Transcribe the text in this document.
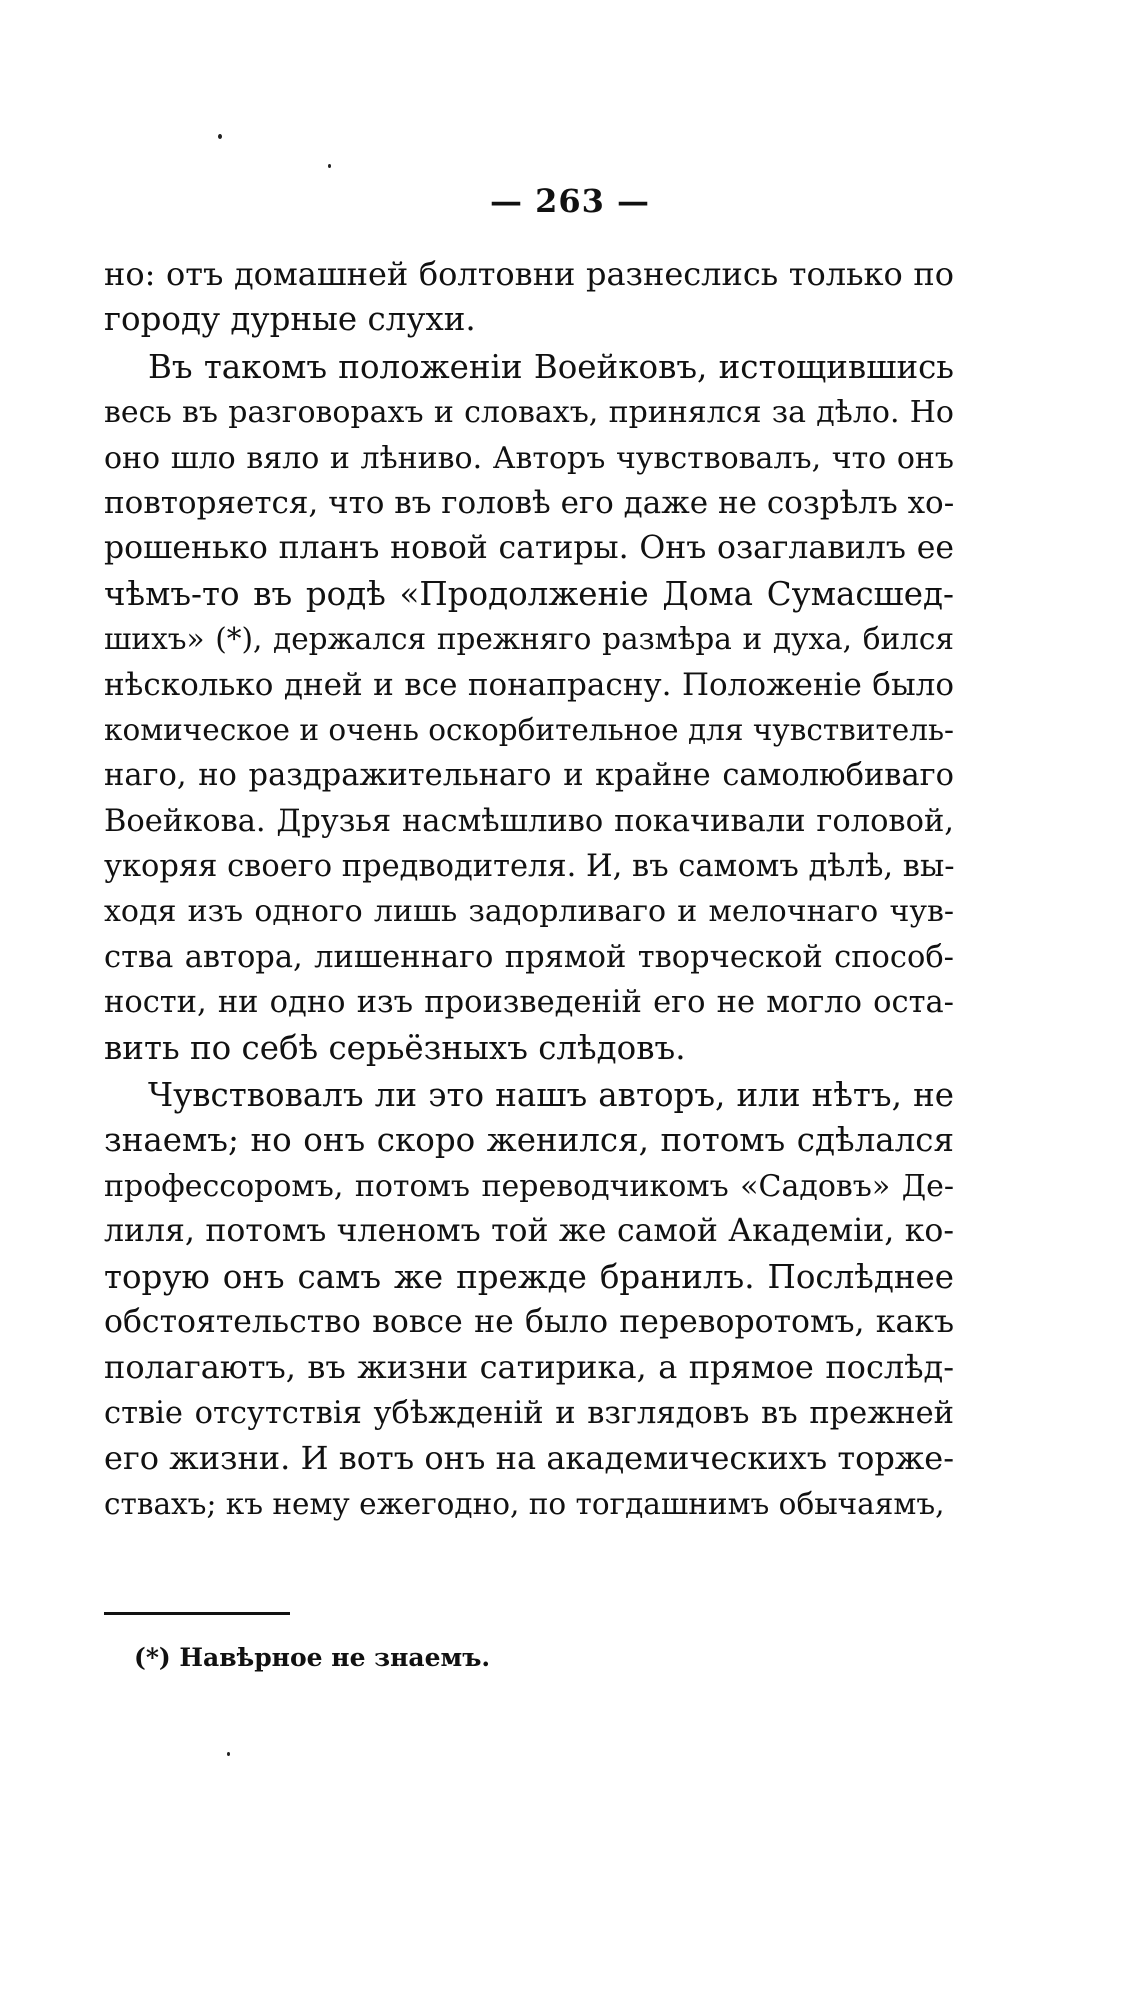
— 263 —
но: отъ домашней болтовни разнеслись только по
городу дурные слухи.
Въ такомъ положеніи Воейковъ, истощившись
весь въ разговорахъ и словахъ, принялся за дѣло. Но
оно шло вяло и лѣниво. Авторъ чувствовалъ, что онъ
повторяется, что въ головѣ его даже не созрѣлъ хо-
рошенько планъ новой сатиры. Онъ озаглавилъ ее
чѣмъ-то въ родѣ «Продолженіе Дома Сумасшед-
шихъ» (*), держался прежняго размѣра и духа, бился
нѣсколько дней и все понапрасну. Положеніе было
комическое и очень оскорбительное для чувствитель-
наго, но раздражительнаго и крайне самолюбиваго
Воейкова. Друзья насмѣшливо покачивали головой,
укоряя своего предводителя. И, въ самомъ дѣлѣ, вы-
ходя изъ одного лишь задорливаго и мелочнаго чув-
ства автора, лишеннаго прямой творческой способ-
ности, ни одно изъ произведеній его не могло оста-
вить по себѣ серьёзныхъ слѣдовъ.
Чувствовалъ ли это нашъ авторъ, или нѣтъ, не
знаемъ; но онъ скоро женился, потомъ сдѣлался
профессоромъ, потомъ переводчикомъ «Садовъ» Де-
лиля, потомъ членомъ той же самой Академіи, ко-
торую онъ самъ же прежде бранилъ. Послѣднее
обстоятельство вовсе не было переворотомъ, какъ
полагаютъ, въ жизни сатирика, а прямое послѣд-
ствіе отсутствія убѣжденій и взглядовъ въ прежней
его жизни. И вотъ онъ на академическихъ торже-
ствахъ; къ нему ежегодно, по тогдашнимъ обычаямъ,
(*) Навѣрное не знаемъ.
